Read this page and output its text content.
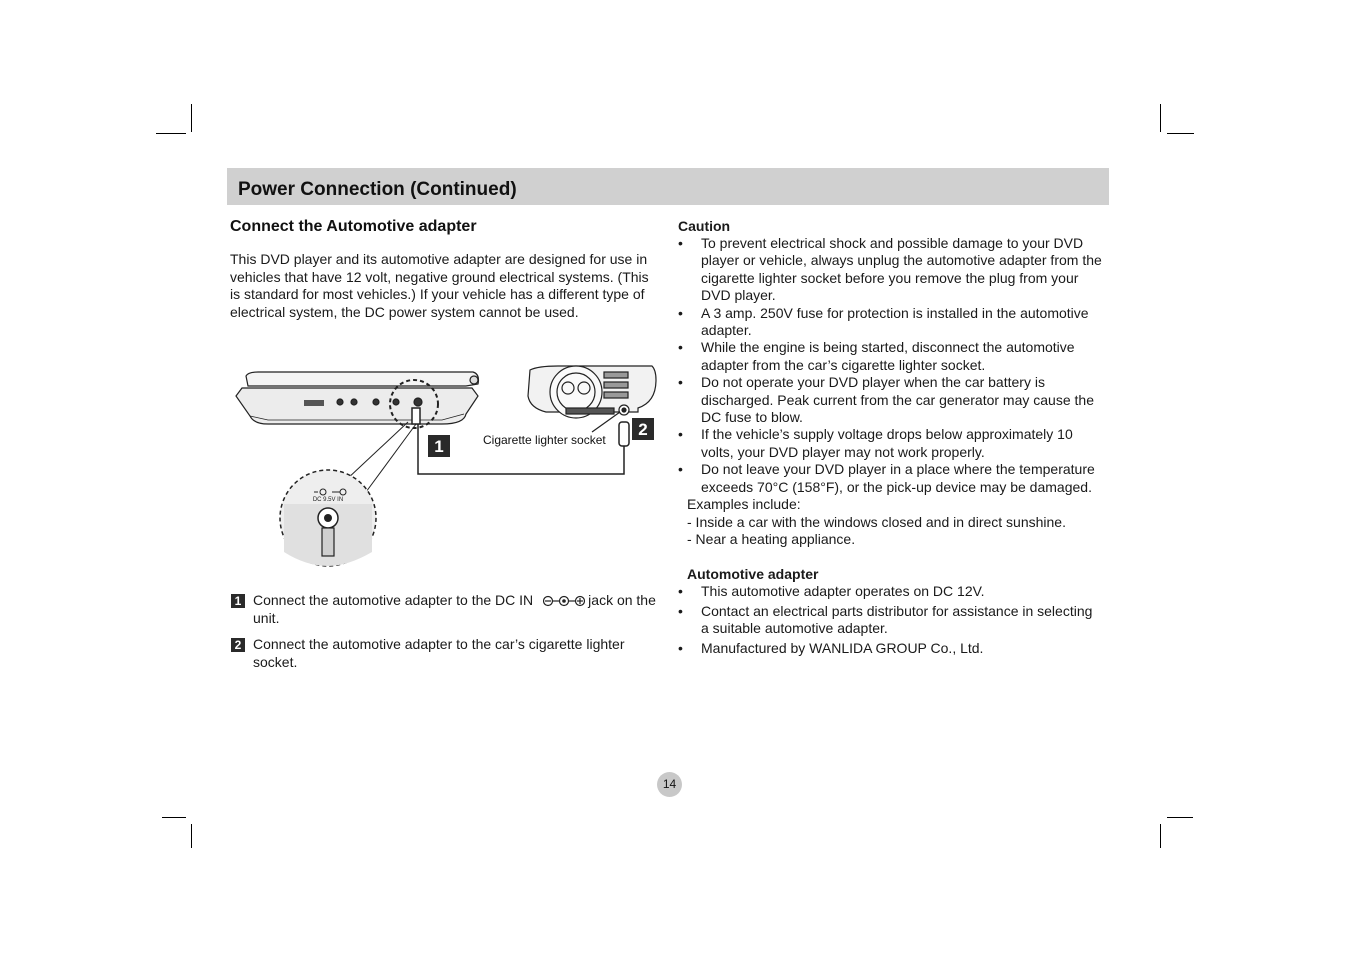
Power Connection (Continued)
Connect the Automotive adapter

This DVD player and its automotive adapter are designed for use in vehicles that have 12 volt, negative ground electrical systems. (This is standard for most vehicles.) If your vehicle has a different type of electrical system, the DC power system cannot be used.

DC 9.5V IN
1
2
Cigarette lighter socket
1 Connect the automotive adapter to the DC IN	jack on the unit.
2 Connect the automotive adapter to the car’s cigarette lighter socket.
Caution
• To prevent electrical shock and possible damage to your DVD player or vehicle, always unplug the automotive adapter from the cigarette lighter socket before you remove the plug from your DVD player.
• A 3 amp. 250V fuse for protection is installed in the automotive adapter.
• While the engine is being started, disconnect the automotive adapter from the car’s cigarette lighter socket.
• Do not operate your DVD player when the car battery is discharged. Peak current from the car generator may cause the DC fuse to blow.
• If the vehicle’s supply voltage drops below approximately 10 volts, your DVD player may not work properly.
• Do not leave your DVD player in a place where the temperature exceeds 70°C (158°F), or the pick-up device may be damaged.
Examples include:
- Inside a car with the windows closed and in direct sunshine.
- Near a heating appliance.
Automotive adapter
• This automotive adapter operates on DC 12V.
• Contact an electrical parts distributor for assistance in selecting a suitable automotive adapter.
• Manufactured by WANLIDA GROUP Co., Ltd.
14
